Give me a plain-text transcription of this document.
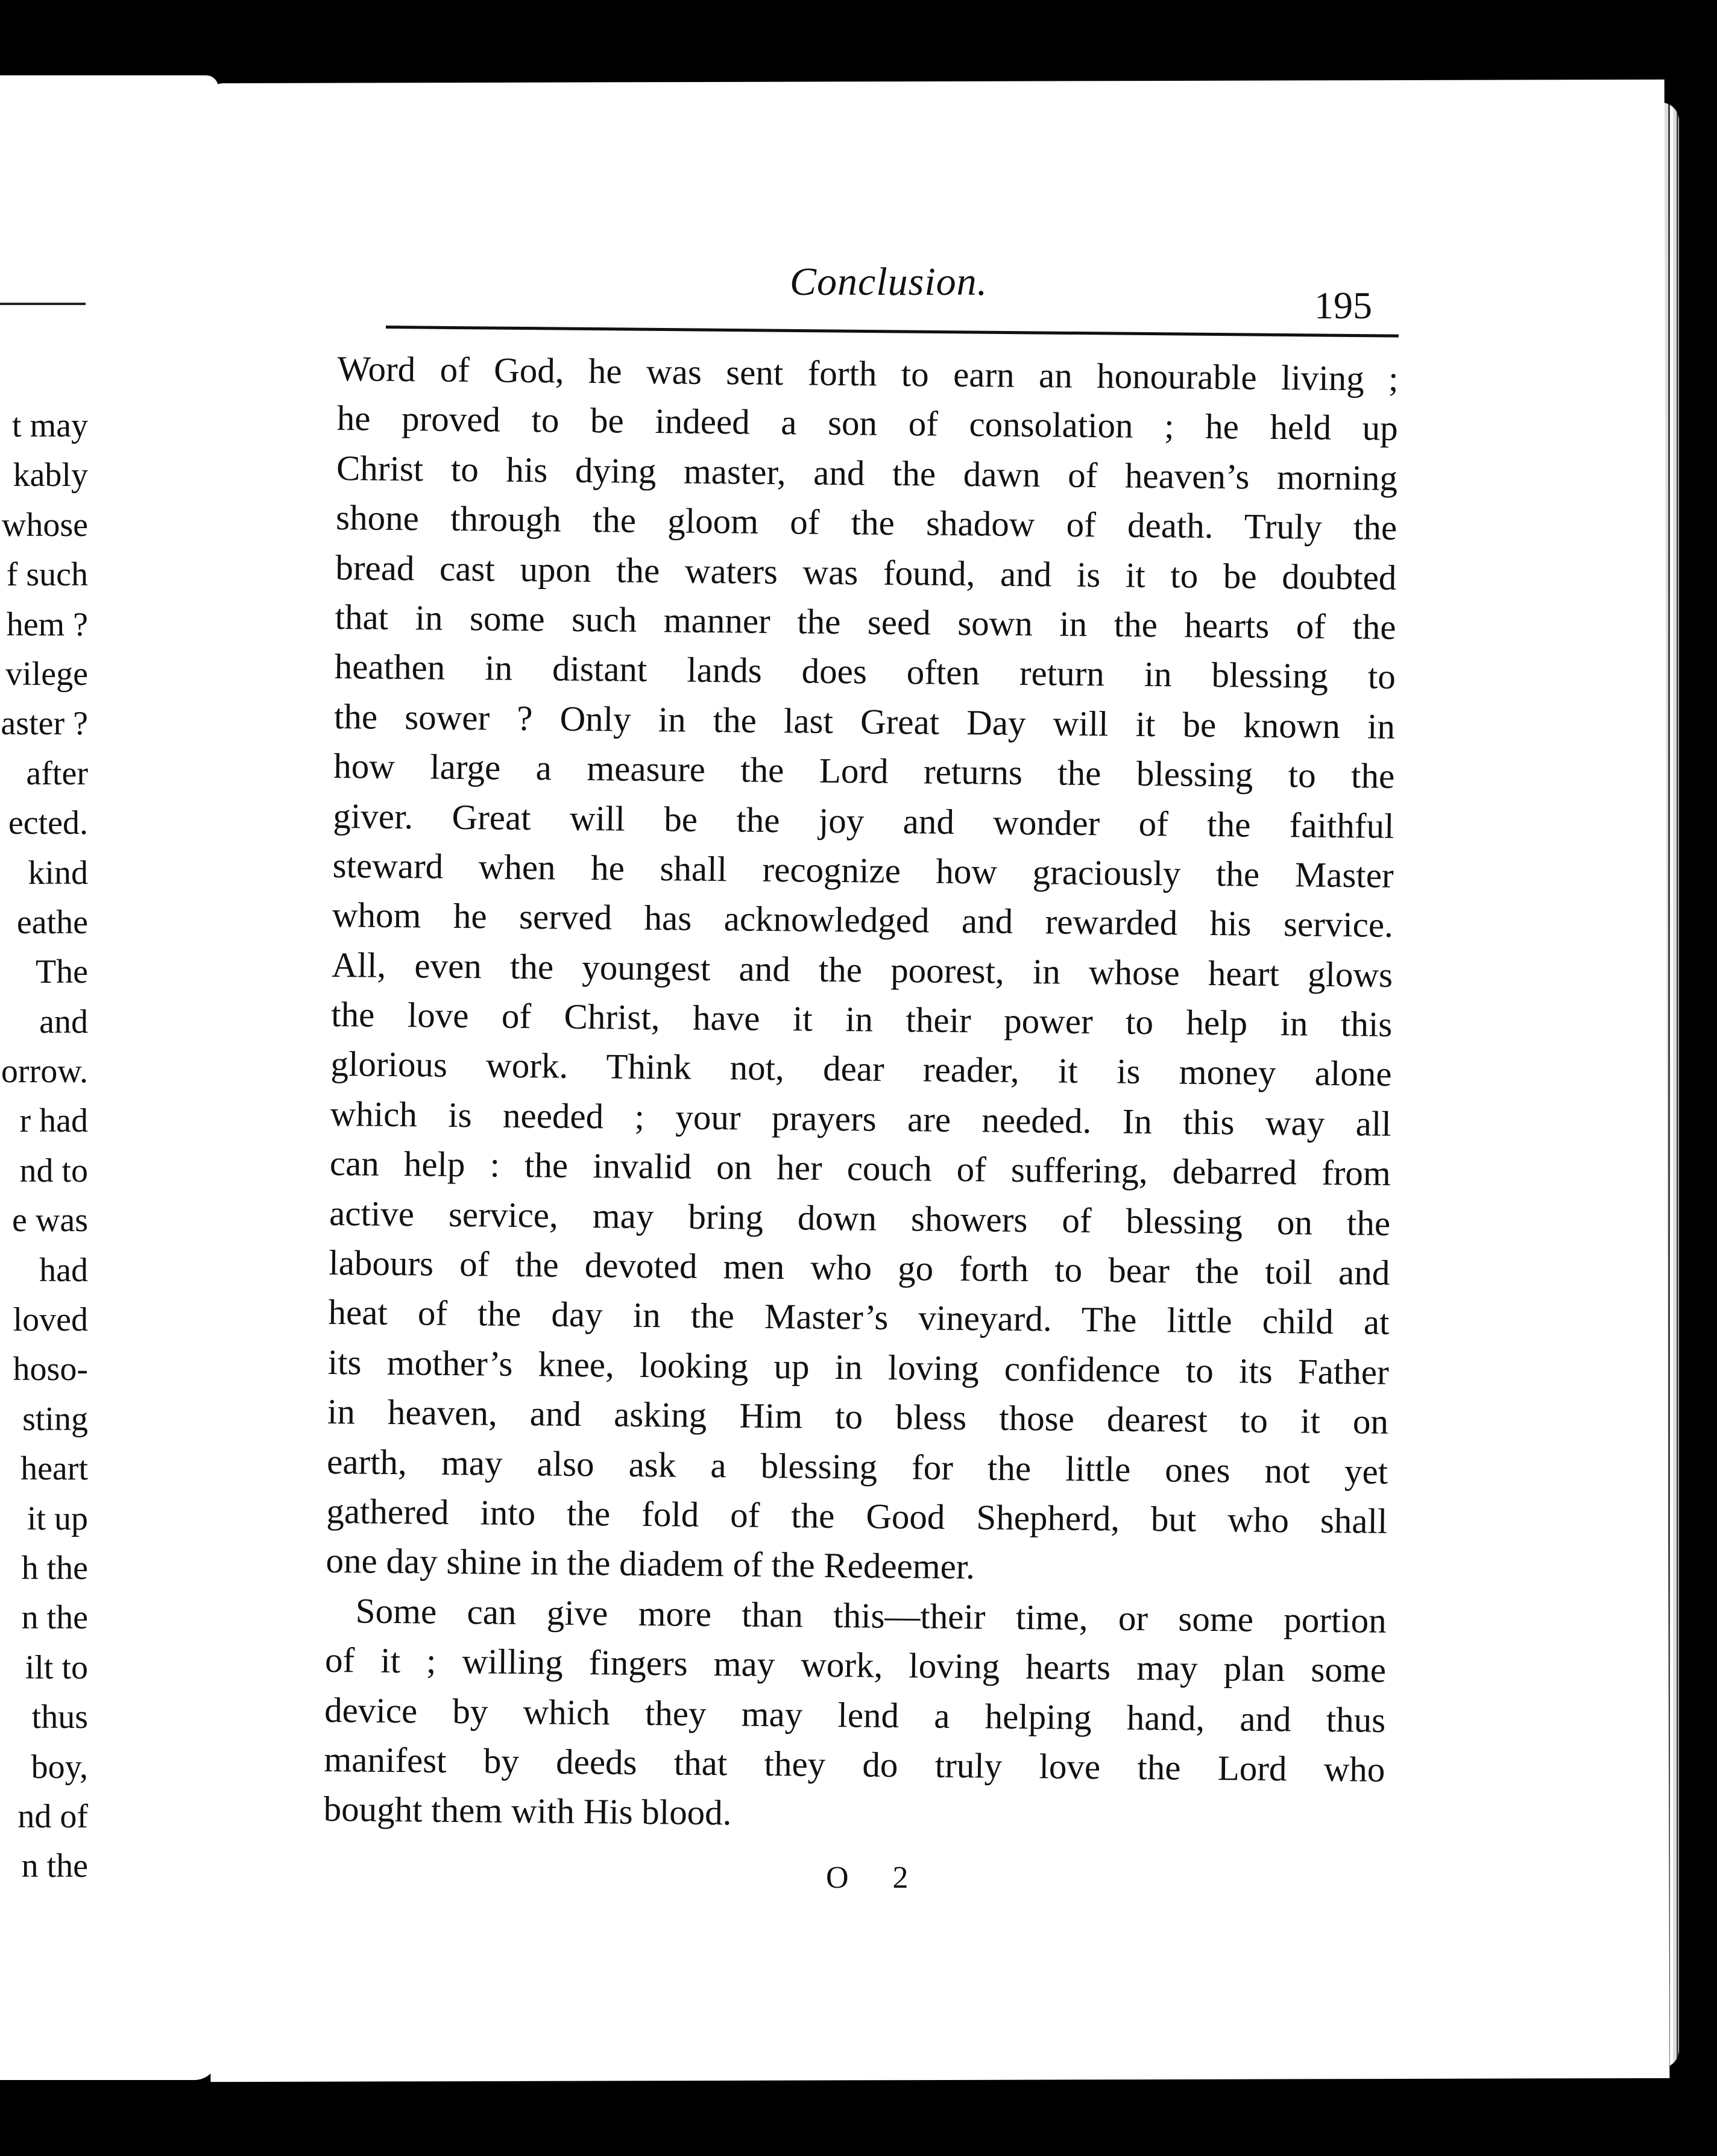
t may
kably
whose
f such
hem ?
vilege
aster ?
after
ected.
kind
eathe
The
and
orrow.
r had
nd to
e was
had
loved
hoso-
sting
heart
it up
h the
n the
ilt to
thus
boy,
nd of
n the
Conclusion.
195
Word of God, he was sent forth to earn an honourable living ;
he proved to be indeed a son of consolation ; he held up
Christ to his dying master, and the dawn of heaven’s morning
shone through the gloom of the shadow of death. Truly the
bread cast upon the waters was found, and is it to be doubted
that in some such manner the seed sown in the hearts of the
heathen in distant lands does often return in blessing to
the sower ? Only in the last Great Day will it be known in
how large a measure the Lord returns the blessing to the
giver. Great will be the joy and wonder of the faithful
steward when he shall recognize how graciously the Master
whom he served has acknowledged and rewarded his service.
All, even the youngest and the poorest, in whose heart glows
the love of Christ, have it in their power to help in this
glorious work. Think not, dear reader, it is money alone
which is needed ; your prayers are needed. In this way all
can help : the invalid on her couch of suffering, debarred from
active service, may bring down showers of blessing on the
labours of the devoted men who go forth to bear the toil and
heat of the day in the Master’s vineyard. The little child at
its mother’s knee, looking up in loving confidence to its Father
in heaven, and asking Him to bless those dearest to it on
earth, may also ask a blessing for the little ones not yet
gathered into the fold of the Good Shepherd, but who shall
one day shine in the diadem of the Redeemer.
Some can give more than this—their time, or some portion
of it ; willing fingers may work, loving hearts may plan some
device by which they may lend a helping hand, and thus
manifest by deeds that they do truly love the Lord who
bought them with His blood.
O 2
